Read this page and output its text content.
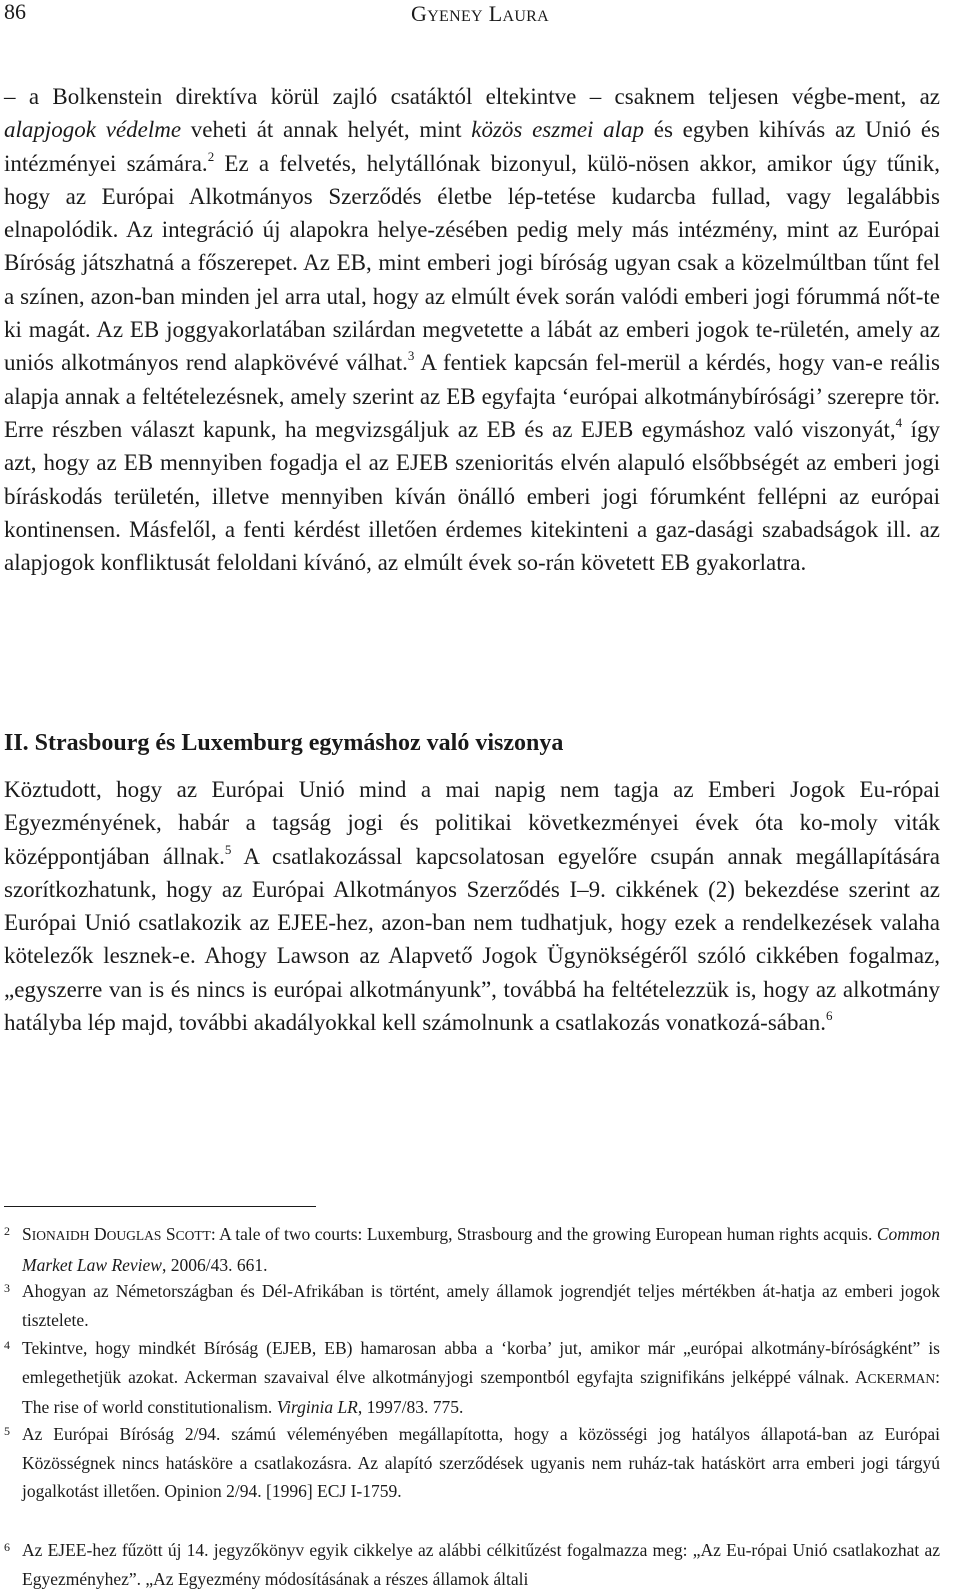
86	GYENEY LAURA

– a Bolkenstein direktíva körül zajló csatáktól eltekintve – csaknem teljesen végbe-ment, az alapjogok védelme veheti át annak helyét, mint közös eszmei alap és egyben kihívás az Unió és intézményei számára.$^2$ Ez a felvetés, helytállónak bizonyul, külö-nösen akkor, amikor úgy tűnik, hogy az Európai Alkotmányos Szerződés életbe lép-tetése kudarcba fullad, vagy legalábbis elnapolódik. Az integráció új alapokra helye-zésében pedig mely más intézmény, mint az Európai Bíróság játszhatná a főszerepet. Az EB, mint emberi jogi bíróság ugyan csak a közelmúltban tűnt fel a színen, azon-ban minden jel arra utal, hogy az elmúlt évek során valódi emberi jogi fórummá nőt-te ki magát. Az EB joggyakorlatában szilárdan megvetette a lábát az emberi jogok te-rületén, amely az uniós alkotmányos rend alapkövévé válhat.$^3$ A fentiek kapcsán fel-merül a kérdés, hogy van-e reális alapja annak a feltételezésnek, amely szerint az EB egyfajta ‘európai alkotmánybírósági’ szerepre tör. Erre részben választ kapunk, ha megvizsgáljuk az EB és az EJEB egymáshoz való viszonyát,$^4$ így azt, hogy az EB mennyiben fogadja el az EJEB szenioritás elvén alapuló elsőbbségét az emberi jogi bíráskodás területén, illetve mennyiben kíván önálló emberi jogi fórumként fellépni az európai kontinensen. Másfelől, a fenti kérdést illetően érdemes kitekinteni a gaz-dasági szabadságok ill. az alapjogok konfliktusát feloldani kívánó, az elmúlt évek so-rán követett EB gyakorlatra.

II. Strasbourg és Luxemburg egymáshoz való viszonya

Köztudott, hogy az Európai Unió mind a mai napig nem tagja az Emberi Jogok Eu-rópai Egyezményének, habár a tagság jogi és politikai következményei évek óta ko-moly viták középpontjában állnak.$^5$ A csatlakozással kapcsolatosan egyelőre csupán annak megállapítására szorítkozhatunk, hogy az Európai Alkotmányos Szerződés I–9. cikkének (2) bekezdése szerint az Európai Unió csatlakozik az EJEE-hez, azon-ban nem tudhatjuk, hogy ezek a rendelkezések valaha kötelezők lesznek-e. Ahogy Lawson az Alapvető Jogok Ügynökségéről szóló cikkében fogalmaz, „egyszerre van is és nincs is európai alkotmányunk”, továbbá ha feltételezzük is, hogy az alkotmány hatályba lép majd, további akadályokkal kell számolnunk a csatlakozás vonatkozá-sában.$^6$

2 SIONAIDH DOUGLAS SCOTT: A tale of two courts: Luxemburg, Strasbourg and the growing European human rights acquis. Common Market Law Review, 2006/43. 661.

3 Ahogyan az Németországban és Dél-Afrikában is történt, amely államok jogrendjét teljes mértékben át-hatja az emberi jogok tisztelete.

4 Tekintve, hogy mindkét Bíróság (EJEB, EB) hamarosan abba a ‘korba’ jut, amikor már „európai alkotmány-bíróságként” is emlegethetjük azokat. Ackerman szavaival élve alkotmányjogi szempontból egyfajta szignifikáns jelképpé válnak. ACKERMAN: The rise of world constitutionalism. Virginia LR, 1997/83. 775.

5 Az Európai Bíróság 2/94. számú véleményében megállapította, hogy a közösségi jog hatályos állapotá-ban az Európai Közösségnek nincs hatásköre a csatlakozásra. Az alapító szerződések ugyanis nem ruház-tak hatáskört arra emberi jogi tárgyú jogalkotást illetően. Opinion 2/94. [1996] ECJ I-1759.

6 Az EJEE-hez fűzött új 14. jegyzőkönyv egyik cikkelye az alábbi célkitűzést fogalmazza meg: „Az Eu-rópai Unió csatlakozhat az Egyezményhez”. „Az Egyezmény módosításának a részes államok általi
